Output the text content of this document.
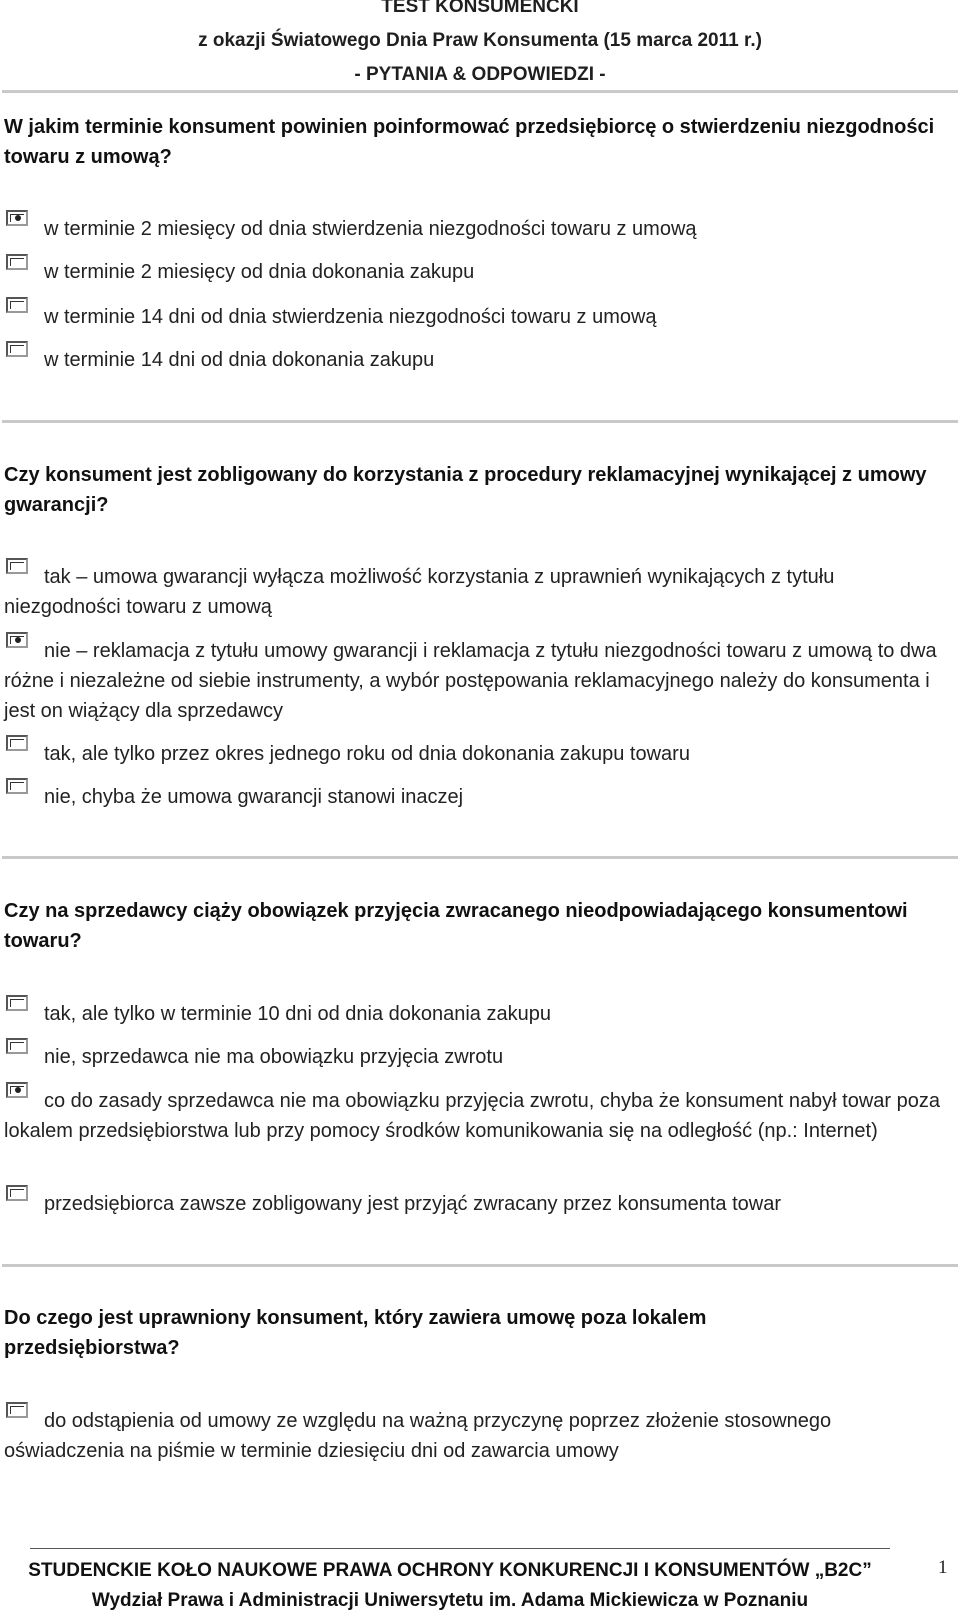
TEST KONSUMENCKI
z okazji Światowego Dnia Praw Konsumenta (15 marca 2011 r.)
- PYTANIA & ODPOWIEDZI -
W jakim terminie konsument powinien poinformować przedsiębiorcę o stwierdzeniu niezgodności towaru z umową?
w terminie 2 miesięcy od dnia stwierdzenia niezgodności towaru z umową
w terminie 2 miesięcy od dnia dokonania zakupu
w terminie 14 dni od dnia stwierdzenia niezgodności towaru z umową
w terminie 14 dni od dnia dokonania zakupu
Czy konsument jest zobligowany do korzystania z procedury reklamacyjnej wynikającej z umowy gwarancji?
tak – umowa gwarancji wyłącza możliwość korzystania z uprawnień wynikających z tytułu niezgodności towaru z umową
nie – reklamacja z tytułu umowy gwarancji i reklamacja z tytułu niezgodności towaru z umową to dwa różne i niezależne od siebie instrumenty, a wybór postępowania reklamacyjnego należy do konsumenta i jest on wiążący dla sprzedawcy
tak, ale tylko przez okres jednego roku od dnia dokonania zakupu towaru
nie, chyba że umowa gwarancji stanowi inaczej
Czy na sprzedawcy ciąży obowiązek przyjęcia zwracanego nieodpowiadającego konsumentowi towaru?
tak, ale tylko w terminie 10 dni od dnia dokonania zakupu
nie, sprzedawca nie ma obowiązku przyjęcia zwrotu
co do zasady sprzedawca nie ma obowiązku przyjęcia zwrotu, chyba że konsument nabył towar poza lokalem przedsiębiorstwa lub przy pomocy środków komunikowania się na odległość (np.: Internet)
przedsiębiorca zawsze zobligowany jest przyjąć zwracany przez konsumenta towar
Do czego jest uprawniony konsument, który zawiera umowę poza lokalem przedsiębiorstwa?
do odstąpienia od umowy ze względu na ważną przyczynę poprzez złożenie stosownego oświadczenia na piśmie w terminie dziesięciu dni od zawarcia umowy
STUDENCKIE KOŁO NAUKOWE PRAWA OCHRONY KONKURENCJI I KONSUMENTÓW „B2C”
Wydział Prawa i Administracji Uniwersytetu im. Adama Mickiewicza w Poznaniu
1
